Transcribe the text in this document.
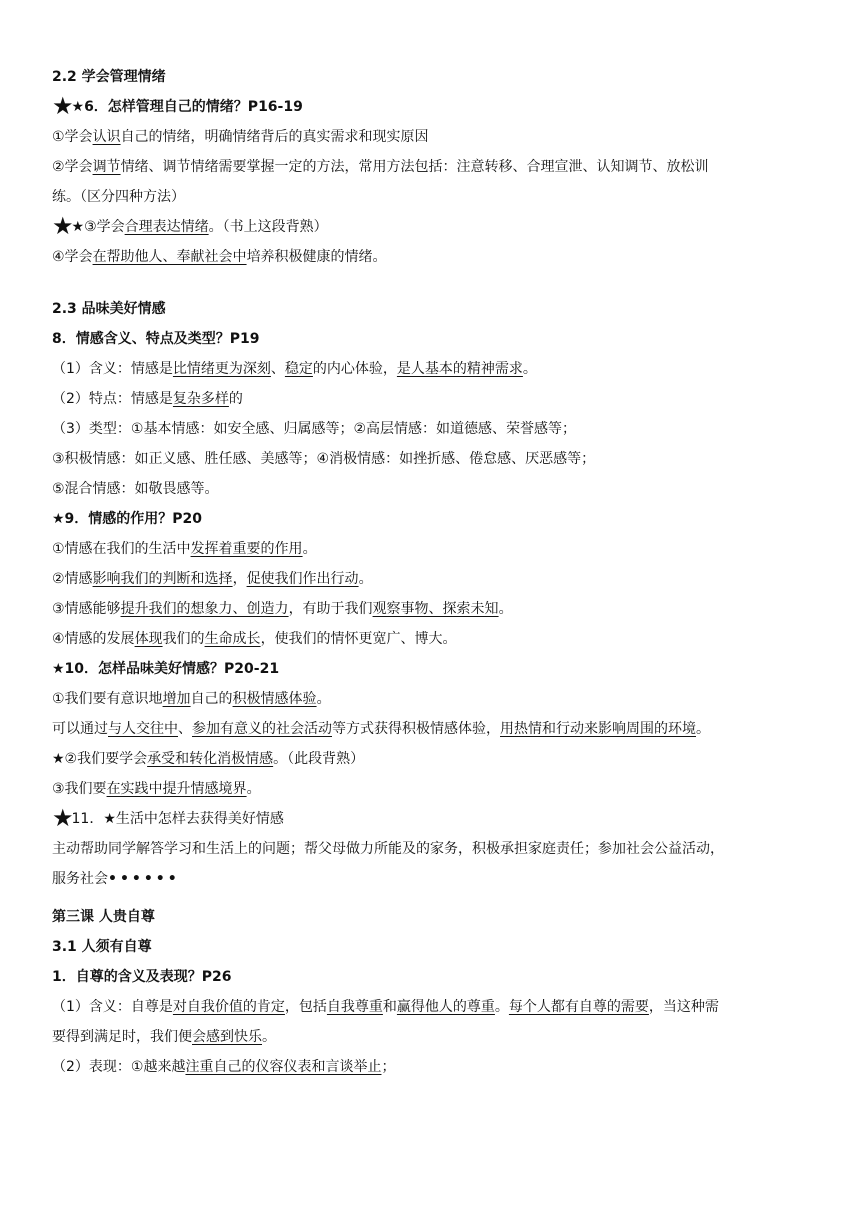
2.2 学会管理情绪
★★6．怎样管理自己的情绪？P16-19
①学会认识自己的情绪，明确情绪背后的真实需求和现实原因
②学会调节情绪、调节情绪需要掌握一定的方法，常用方法包括：注意转移、合理宣泄、认知调节、放松训
练。（区分四种方法）
★★③学会合理表达情绪。（书上这段背熟）
④学会在帮助他人、奉献社会中培养积极健康的情绪。
2.3 品味美好情感
8．情感含义、特点及类型？P19
（1）含义：情感是比情绪更为深刻、稳定的内心体验，是人基本的精神需求。
（2）特点：情感是复杂多样的
（3）类型：①基本情感：如安全感、归属感等；②高层情感：如道德感、荣誉感等；
③积极情感：如正义感、胜任感、美感等；④消极情感：如挫折感、倦怠感、厌恶感等；
⑤混合情感：如敬畏感等。
★9．情感的作用？P20
①情感在我们的生活中发挥着重要的作用。
②情感影响我们的判断和选择，促使我们作出行动。
③情感能够提升我们的想象力、创造力，有助于我们观察事物、探索未知。
④情感的发展体现我们的生命成长，使我们的情怀更宽广、博大。
★10．怎样品味美好情感？P20-21
①我们要有意识地增加自己的积极情感体验。
可以通过与人交往中、参加有意义的社会活动等方式获得积极情感体验，用热情和行动来影响周围的环境。
★②我们要学会承受和转化消极情感。（此段背熟）
③我们要在实践中提升情感境界。
★11．★生活中怎样去获得美好情感
主动帮助同学解答学习和生活上的问题；帮父母做力所能及的家务，积极承担家庭责任；参加社会公益活动，
服务社会••••••
第三课 人贵自尊
3.1 人须有自尊
1．自尊的含义及表现？P26
（1）含义：自尊是对自我价值的肯定，包括自我尊重和赢得他人的尊重。每个人都有自尊的需要，当这种需
要得到满足时，我们便会感到快乐。
（2）表现：①越来越注重自己的仪容仪表和言谈举止；
